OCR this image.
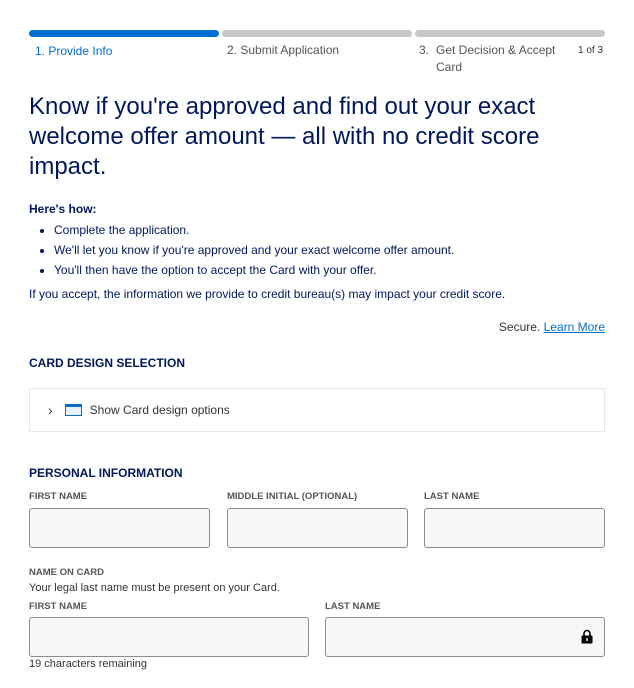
1. Provide Info	2. Submit Application	3. Get Decision & Accept Card
1 of 3
Know if you're approved and find out your exact welcome offer amount — all with no credit score impact.
Here's how:
• Complete the application.
• We'll let you know if you're approved and your exact welcome offer amount.
• You'll then have the option to accept the Card with your offer.
If you accept, the information we provide to credit bureau(s) may impact your credit score.
Secure. Learn More
CARD DESIGN SELECTION
›	Show Card design options
PERSONAL INFORMATION
FIRST NAME	MIDDLE INITIAL (OPTIONAL)	LAST NAME
NAME ON CARD
Your legal last name must be present on your Card.
FIRST NAME	LAST NAME
19 characters remaining
